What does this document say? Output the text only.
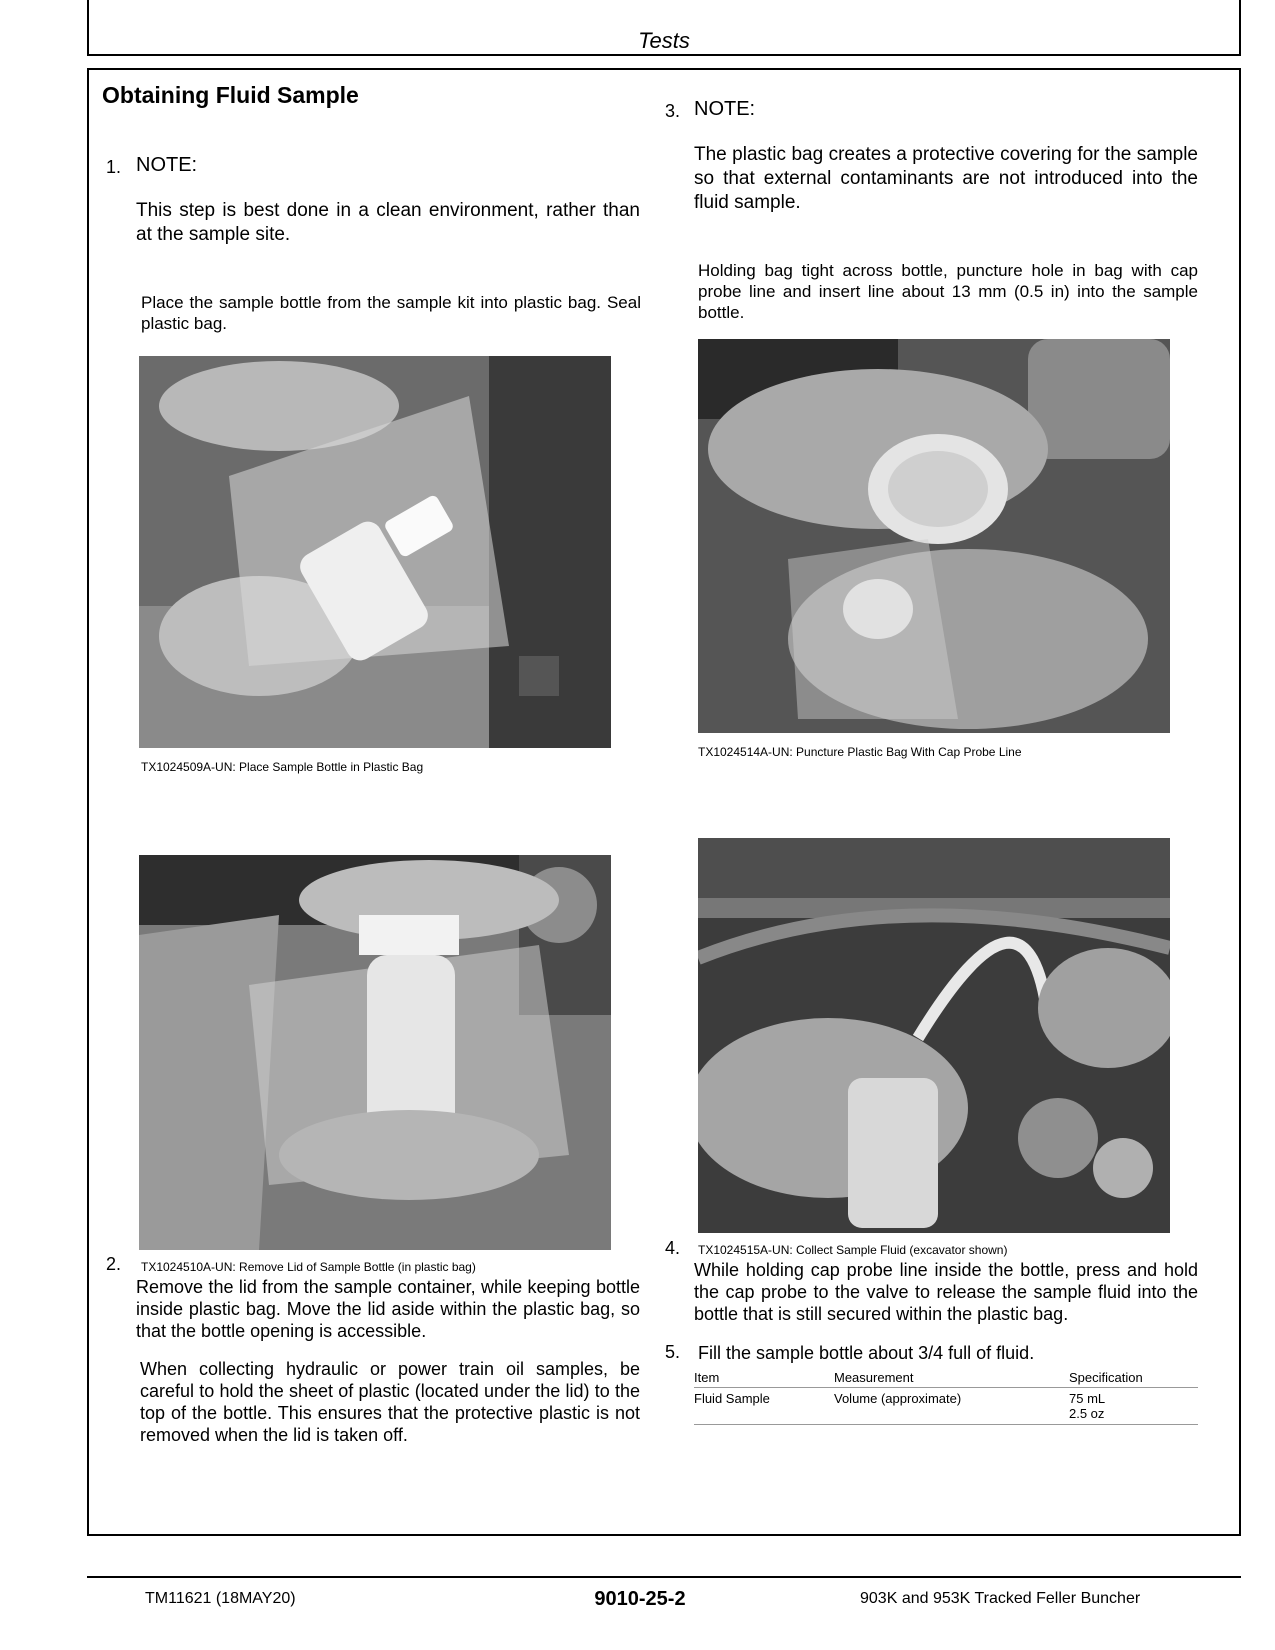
Tests
Obtaining Fluid Sample
1. NOTE:
This step is best done in a clean environment, rather than at the sample site.
Place the sample bottle from the sample kit into plastic bag. Seal plastic bag.
TX1024509A-UN: Place Sample Bottle in Plastic Bag
2. TX1024510A-UN: Remove Lid of Sample Bottle (in plastic bag)
Remove the lid from the sample container, while keeping bottle inside plastic bag. Move the lid aside within the plastic bag, so that the bottle opening is accessible.
When collecting hydraulic or power train oil samples, be careful to hold the sheet of plastic (located under the lid) to the top of the bottle. This ensures that the protective plastic is not removed when the lid is taken off.
3. NOTE:
The plastic bag creates a protective covering for the sample so that external contaminants are not introduced into the fluid sample.
Holding bag tight across bottle, puncture hole in bag with cap probe line and insert line about 13 mm (0.5 in) into the sample bottle.
TX1024514A-UN: Puncture Plastic Bag With Cap Probe Line
4. TX1024515A-UN: Collect Sample Fluid (excavator shown)
While holding cap probe line inside the bottle, press and hold the cap probe to the valve to release the sample fluid into the bottle that is still secured within the plastic bag.
5. Fill the sample bottle about 3/4 full of fluid.
Item	Measurement	Specification
Fluid Sample	Volume (approximate)	75 mL
2.5 oz
TM11621 (18MAY20)	9010-25-2	903K and 953K Tracked Feller Buncher
